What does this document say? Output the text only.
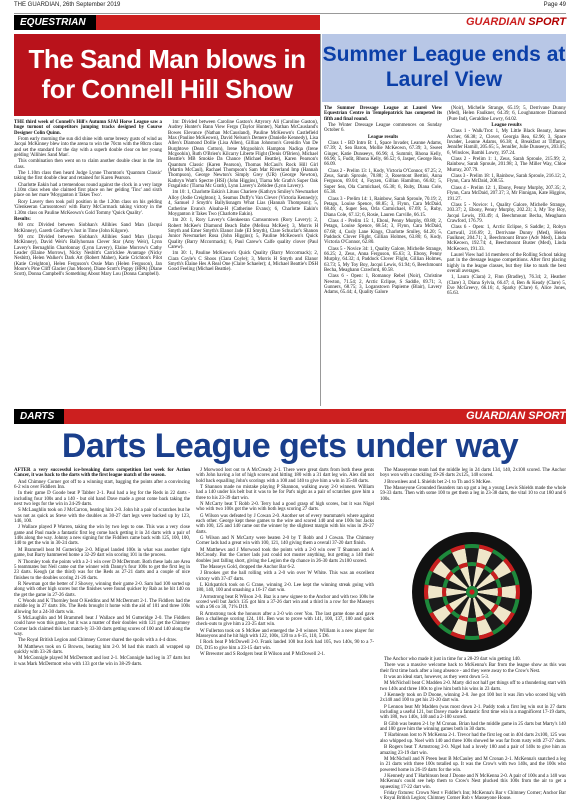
THE GUARDIAN, 26th September 2019	Page 49
EQUESTRIAN	GUARDIAN SPORT
The Sand Man blows in for Connell Hill Show
Summer League ends at Laurel View

THE third week of Connell's Hill's Autumn SJAI Horse League saw a huge turnout of competitors jumping tracks designed by Course Designer Colin Quinn.

From early morning the sun did shine with some breezy gusts of wind as Jacqui McKinney blew into the arena to win the 70cm with the 80cm class and set the standard for the day with a superb double clear on her young gelding 'Allihies Sand Man'.

This combination then went on to claim another double clear in the 1m class.

The 1.10m class then heard Judge Lynne Thornton's 'Quantum Classic' taking the first double clear and retained for Karen Pearson.

Charlotte Eakin had a tremendous round against the clock in a very large 1.10m class when she claimed first place on her gelding 'Tinc' and sixth place on her mare 'Moyganton it Takes Two'.

Rory Lavery then took poll position in the 1.20m class on his gelding 'Glenkeeran Carnsontown' with Barry McCormack taking victory in the 1.30m class on Pauline McKeown's Gold Tommy 'Quick Quality'.

Results:

80 cm: Divided between Siobhan's Allihies Sand Man (Jacqui McKinney), Gareth Godfrey's Just in Time (John Kilgore).

90 cm: Divided between Siobhan's Allihies Sand Man (Jacqui McKinney), David Weir's Ballyhornan Clever Star (Amy Weir), Lynn Lavery's Bernaghlin Chardonnay (Lynn Lavery), Elaine Morrow's Cathy Leader (Elaine Morrow), Nicky Nesbitt's Carricklee Avantage (Nicky Nesbitt), Helen Walker's Dark Art (Robert Maher), Katie Crichton's Pilot (Katie Creighton), Helen Ferguson's Ossie Man (Helen Ferguson), Jan Moore's Pine Cliff Glacier (Jan Moore), Diane Scott's Poppy (HPA) (Diane Scott), Donna Campbell's Something About Mary Lou (Donna Campbell).

1m: Divided between Caroline Gaston's Attyrory Ali (Caroline Gaston), Audrey Hunter's Bann View Fergo (Taylor Hunter), Nathan McCausland's Bowes Elevance (Nathan McCausland), Pauline McKeown's Castlefield Max (Pauline McKeown), David Nelson's Demere (Danielle Kennedy), Lisa Allen's Diamond Dollie (Lisa Allen), Gillian Johnston's Grenidin Van De Burghtove (Dean Cotton), Irene Mcgoohin's Hampton Nadiqa (Irene Mcgoohin), Ruth O'Brien's Kilcarry Liberte Flight (Denis O'Brien), Michael Beattie's MB Smokie Da Chance (Michael Beattie), Karen Pearson's Quantum Classic (Karen Pearson), Thomas McCaul's Rock Hill Girl (Martin McCaul), Rachael Thompson's Sam Mar Riverland Imp (Hannah Thompson), George Newton's Simply Grey (UR) (George Newton), Kathryn Watt's Spectre (HSI) (John Higgins), Tiarna Mc Grath's Super Oak Fragalistic (Tiarna Mc Grath), Lynn Lavery's Zebidee (Lynn Lavery).

1m 10: 1, Charlotte Eakin's Lituus Chariere (Kathryn Smiley's Newmarket Alloy (Jodie Creighton); 3, Seamus Duffy's Van Clever (Victoria Kennedy); 4, Samuel J Smyth's Ballylisnagm What Lias (Hannah Thompson); 5, Catherine Evans's Aloaha-H (Catherine Evans); 6, Charlotte Eakin's Moyganton it Takes Two (Charlotte Eakin).

1m 20: 1, Rory Lavery's Glenkeeran Carnsontown (Rory Lavery); 2, Robert McKee's Diamond Beach Babe (Melissa McKee); 3, Morris H Smyth and Emer Smyth's Elanor Jade (EI Smyth), Clare Schuclar's Shanon Junior Newmarket Rosa (John Higgins); 5, Pauline McKeown's Quick Quality (Barry Mccormack); 6, Paul Carew's Calfe quality clover (Paul Carew).

1m 30: 1, Pauline McKeown's Quick Quality (Barry Mccormack); 2, Ciara Coyle's C Shoos (Ciara Coyle); 3, Morris H Smyth and Elanor Smyth's Elaine Hes A Real One (Claire Schaeler); 4, Michael Beattie's DSH Good Feeling (Michael Beattie).

The Summer Dressage League at Laurel View Equestrian Centre in Templepatrick has competed its fifth and final round.

The Winter Dressage League commences on Sunday October 6.

League results

Class 1 - BD Intro B: 1, Space Invader, Leanne Adams, 67.39; 2, Sea Baron, Mollie McKeown, 67.39; 3, Sweet Ginger, Katie Dunseeys, 66.96; 4, Summit, Rhona Kelly, 66.96; 5, Fudit, Rhona Kelly, 66.52; 6, Jasper, George Rea, 66.09.

Class 2 - Prelim 13: 1, Kody, Victoria O'Connor, 67.25; 2, Zeus, Sarah Sproule, 70.88; 3, Rosemont Bertini, Anna Ferguson, 69.04; 4, Fayzen, Gillian Hamilton, 66.82; 5, Super Sea, Ola Carmichael, 65.38; 6, Ruby, Diana Cole, 65.38.

Class 3 - Prelim 14: 1, Rainbow, Sarah Sproule, 70.19; 2, Petagu, Louise Spence, 68.85; 3, Flynn, Cara McDaid, 68.46; 4, Super Sea, Orla Carmichael, 67.69; 5, Ruby, Diana Cole, 67.12; 6, Rosie, Lauren Carville, 66.15.

Class 4 - Prelim 15: 1, Eboni, Penny Murphy, 69.80; 2, Petagu, Louise Spence, 68.54; 3, Flynn, Cara McDaid, 67.68; 4, Cusly Lane Kings, Charlotte Smiley, 64.20; 5, Paddock Clover Flight, Gillian Holmes, 63.80; 6, Kody, Victoria O'Connor, 62.80.

Class 5 - Novice 34: 1, Quality Galore, Michelle Strange, 66.25; 2, Zeus, Anna Ferguson, 65.63; 3, Ebony, Penny Murphy, 64.32; 4, Paddock Clover Flight, Gillian Holmes, 63.73; 5, My Toy Boy, Jacqui Lewis, 61.94; 6, Beechmount Becha, Meaghann Crawford, 60.58.

Class 6 - Open: 1, Romanoy Rebel (Noir), Christine Newton, 71.54; 2, Arctic Eclipse, S Saddle, 69.71; 3, Gunners, 68.75; 3, Loganstown Papieme (Blair), Lavery Adams, 65.44; 4, Quality Galore

(Noir), Michelle Strange, 65.19; 5, Derrivane Dunny (Med), Helen Faulkner, 64.39; 6, Loughnamore Diamond (Pure Ind), Geraldine Lowry, 64.02.

League results

Class 1 - Walk/Trot: 1, My Little Black Beauty, James Archer, 66.38; 2, Clover, Georgia Rea, 62.96; 3, Space Invader, Leanne Adams, 66.38; 4, Breakfast at Tiffanys, Jennifer Hamill, 205.65; 5, Jennifer, Julie Dunseeys, 203.05; 6, Winslow, Bambi Lowry, 197.24.

Class 2 - Prelim 1: 1, Zeus, Sarah Sproule, 215.99; 2, Rainbow, Sarah Sproule, 201.98; 3, The Miller Way, Chloe Murray, 207.79.

Class 3 - Prelim 18: 1, Rainbow, Sarah Sproule, 216.12; 2, Flynn, Cara McDaid, 208.55.

Class 4 - Prelim 12: 1, Ebony, Penny Murphy, 207.35; 2, Flynn, Cara McDaid, 207.37; 3, Mr Finnigan, Kate Higgins, 191.27.

Class 5 - Novice: 1, Quality Galore, Michelle Strange, 203.37; 2, Ebony, Penny Murphy, 202.23; 3, My Toy Boy, Jacqui Lewis, 193.49; 4, Beechmount Becha, Meaghann Crawford, 176.79.

Class 6 - Open: 1, Arctic Eclipse, S Saddle; 2, Robyn Cartwall, 216.69; 2, Derrivane Dunny (Med), Helen Faulkner, 204.71; 3, Beechmount Bruce (Adv Med), Linda McKeown, 192.74; 4, Beechmount Buster (Med), Linda McKeown, 191.33.

Laurel View had 14 members of the Rolling School taking part in the dressage league competitions. After first placing highly in the league classes, but they like to mark the best overall averages.

1, Laura (Ciara) 2, Finn (Bradley), 76.34; 2, Heather (Clare) 3, Diana Sylvia, 66.47; 4, Ben & Keady (Clare) 5, Eve McGreevy, 66.16; 4, Sparky (Clare) 6, Alice Jones, 65.63.

DARTS	GUARDIAN SPORT
Darts League gets under way

AFTER a very successful ice-breaking darts competition last week for Action Cancer, it was back to the darts with the first league match of the season.

And Chimney Corner got off to a winning start, bagging the points after a convincing 6-2 win over Fiddlers Inn.

In their game D Goode beat P Tabber 2-1. Paul had a leg for the Reds in 22 darts - including four 100s and a 140 - but old hand Dave made a great come back taking the next two legs for the win in 24-29 darts.

S McLaughlin took on J McCarron, beating him 2-0. John hit a pair of scratches but he was not as quick as Steve with the doubles as 30-27 dart legs were backed up by 123, 146, 100.

J Wallace played P Warren, taking the win by two legs to one. This was a very close game and Paul made a fantastic first leg come back getting it in 24 darts with a pair of 140s along the way. Johnny a new signing for the Fiddlers came back with 125, 100, 100, 140 to get the win in 30-24 darts.

M Brammell beat M Gutteridge 2-0. Miguel landed 100s in what was another tight game, but Barry hammered home a 32-29 dart win scoring 101 in the process.

N Thornley took the points with a 2-1 win over D McDermott. Both these lads are Area 5 teammates but Neil came out the winner with Danny's four 100s to get the first leg in 23 darts. Keogh (at the third) was for the Reds as 27-21 darts and a couple of nice finishes to the doubles scoring 21-26 darts.

R Newman got the better of J Shovey, winning their game 2-0. Sam had 100 sorted up along with other high scores but the finishes were found quicker by Rab as he hit 140 on the get the game in 27-26 darts.

C Woods and K Thornley beat O Keddins and M McDermott 2-1. The Fiddlers had the middle leg in 27 darts 18s. The Reds brought it home with the aid of 101 and three 100s allowing for a 24-30 darts win.

S McLaughlin and M Brammell beat J Wallace and M Gutteridge 2-0. The Fiddlers could have won this game, but it was a matter of their doubles with 121 get the Chimney Corner lads claimed this last match-ly 33-30 darts getting scores of 100 and 140 along the way.

The Royal British Legion and Chimney Corner shared the spoils with a 4-4 draw.

M Matthews took on G Browns, beating him 2-0. M had this match all wrapped up quickly with 33-26 darts.

M McConnigle played M McDermott and lost 2-1. McConnigle had leg in 37 darts but it was Mark McDermott who with 133 got the win in 38-29 darts.

J Morwood lost out to A McCready 2-1. There were great darts from both these gents with John having a lot of high scores and hitting 180 with a 31 dart leg win. Alex did not hold back equalling John's scorings with a 100 and 140 to give him a win in 35-40 darts.

T Shannon made no mistake playing P Shannon, walking away 2-0 winners. William had a 140 under his belt but it was to be for Pat's night as a pair of scratches gave him a three to his 23-39 dart win.

N McCarty beat T Robb 2-0. Terry had a good grasp of high scores, but it was Nigel who with two 100s got the win with both legs scoring 27 darts.

G Wilson was defeated by J Cowan 2-0. Another set of every teammate's where against each other. George kept these games to the wire and scored 140 and one 100s but Jacks with 100, 125 and 140 came out the winner by the slightest margin with his wins in 29-27 darts.

G Wilson and N McCarty were beaten 2-0 by T Robb and J Cowan. The Chimney Corner lads had a great win with 100, 121, 140 giving them a overall 37-20 dart finish.

M Matthews and J Morwood took the points with a 2-0 win over T Shannon and A McCready. But the Corner lads just could not muster anything, but getting a 140 their doubles just falling short, giving the Legion the dp chance in 26-30 darts 2x100 scored.

The Masseys Gold, dropped the Anchor Bar 6-2.

J Brookes got the ball rolling with a 2-0 win over W White. This was an excellent victory with 37-47 darts.

L Kirkpatrick took on G Crane, winning 2-0. Lee kept the winning streak going with 180, 140, 100 and smashing a 16-17 dart win.

J Armstrong beat R Wilson 2-0. Baz is a new signee to the Anchor and with two 100s he scored well but Jack's 135 got him a 37-26 dart win and a third in a row for the Masseys with a 96 co 30, 71% D19.

R Armstrong took the honours after a 2-0 win over You. The last game done and gave Ben a challenge scoring 124, 101. Ben was to prove with 141, 100, 137, 100 and quick check-outs to give him a 23-25 dart win.

W Fullerton took on S McKee and emerged the 2-0 winner. William is a new player for Masseyons and he hit high with 122, 100s, 120 to a 6-15, 110, 5 D6.

I Rock beat P McDowell 2-0. Frank landed 100 but Jock had 105, two 140s, 90 to a 7-D5, D15 to give him a 23-15 dart win.

W Brewster and S Rodgers beat B Wilson and P McDowell 2-1.

The Masseyenne team had the middle leg in 24 darts 134, 140, 2x100 scored. The Anchor boys won with a crackling 19-26 darts 2x125, 140 scored.

J Brownlees and L Shields bet 2-1 to Th and S McKee.

The Masseyone Grounded fieanders ran up got a leg a young Lewis Shields made the whole 59-33 darts. Then with some 100 to get them a leg in 23-38 darts, the vital 10 to cut 180 and 6 100s.

The Anchor who made it just in time for a 28-29 dart win getting 140.

There was a massive welcome back to McKenna's Bar from the league show as this was their first time back after a long absence - and they were away to the Crow's Nest.

It was an ideal start, however, as they went down 5-3.

M McNicholl beat C Madden 2-0. Marty did not half get things off to a thundering start with two 140s and three 100s to give him both his wins in 23 darts.

J Kennedy took on D Doone, winning 2-0. Joe got 100 but it was Jim who scored big with 2x140 and 100 to get his 21-20 dart win.

P Lennon beat Mr Madden (was most down 2-1. Paddy took a first leg win out in 27 darts including a useful 121, but Davey made a fantastic first time win in a magnificent 17-19 darts, with 180, two 140s, 140 and a 2-100 scored.

B Gibb was beaten 2-1 by M Cronan. Brian had the middle game in 25 darts but Marty's 140 and 100 gave him the winning games both in 30 darts.

T Harbinson lost to N McKenna 2-1. Trevor had the first leg out in 404 darts 2x100, 125 was also whipped up. Noel with 140 and three 100s showed he was far from rusty with 27-27 darts.

B Rogers beat T Armstrong 2-0. Nigel had a lovely 180 and a pair of 140s to give him an amazing 23-19 dart win.

M McNicholl and N Preen beat B McCauley and M Cronan 2-1. McKenna's snatched a leg in 21 darts with three 100s totalled up. It was the Crow's with two 140s, and the 100s who powered home in 26-19 darts for the win.

J Kennedy and T Harbinson beat J Doone and N McKenna 2-0. A pair of 100s and a 140 was McKenna's could see help them to Crow's Nest plucked this 100s from the air to get a squeezing 17-22 dart win.

Friday fixtures: Crown Nest v Fiddler's Inn; McKenna's Bar v Chimney Corner; Anchor Bar v Royal British Legion; Chimney Corner Rob v Masseyone House.
